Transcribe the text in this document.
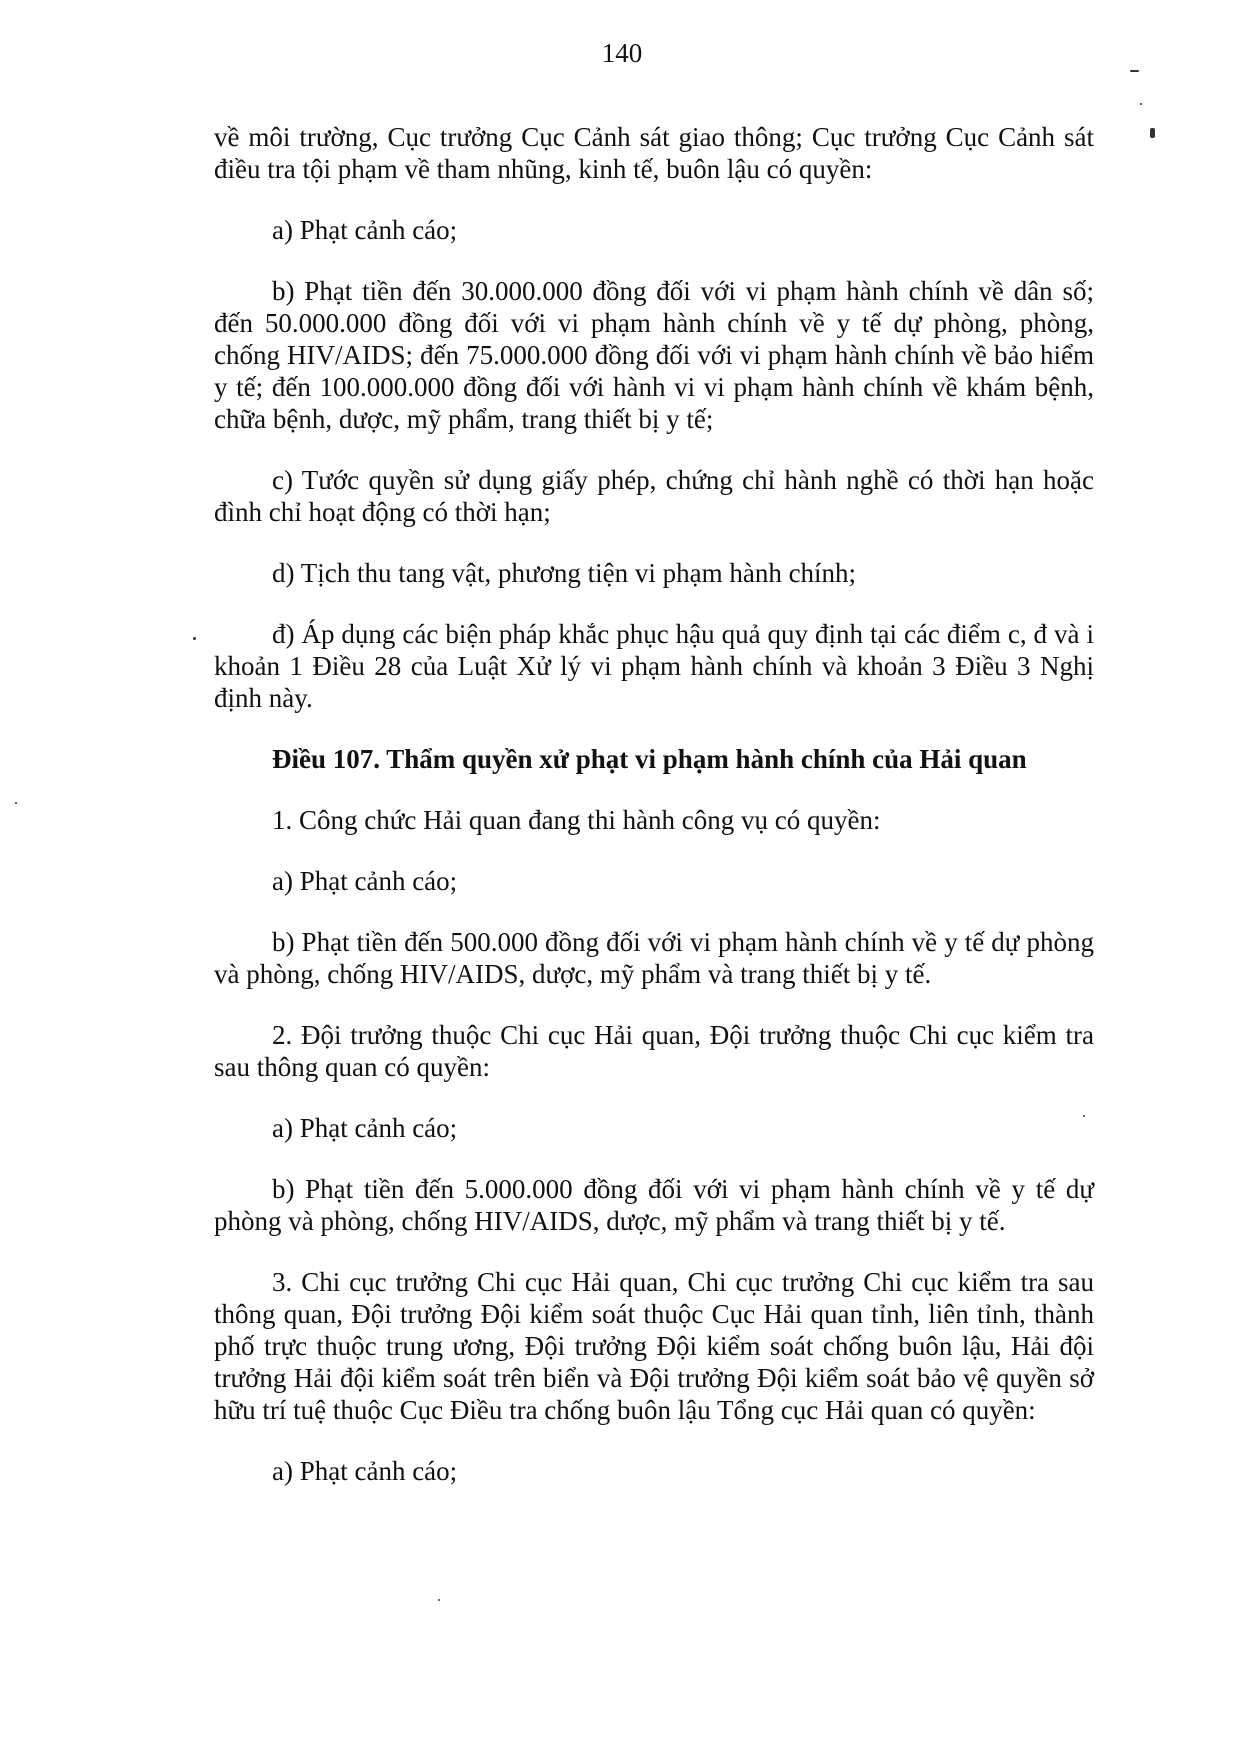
140

về môi trường, Cục trưởng Cục Cảnh sát giao thông; Cục trưởng Cục Cảnh sát điều tra tội phạm về tham nhũng, kinh tế, buôn lậu có quyền:

a) Phạt cảnh cáo;

b) Phạt tiền đến 30.000.000 đồng đối với vi phạm hành chính về dân số; đến 50.000.000 đồng đối với vi phạm hành chính về y tế dự phòng, phòng, chống HIV/AIDS; đến 75.000.000 đồng đối với vi phạm hành chính về bảo hiểm y tế; đến 100.000.000 đồng đối với hành vi vi phạm hành chính về khám bệnh, chữa bệnh, dược, mỹ phẩm, trang thiết bị y tế;

c) Tước quyền sử dụng giấy phép, chứng chỉ hành nghề có thời hạn hoặc đình chỉ hoạt động có thời hạn;

d) Tịch thu tang vật, phương tiện vi phạm hành chính;

đ) Áp dụng các biện pháp khắc phục hậu quả quy định tại các điểm c, đ và i khoản 1 Điều 28 của Luật Xử lý vi phạm hành chính và khoản 3 Điều 3 Nghị định này.

Điều 107. Thẩm quyền xử phạt vi phạm hành chính của Hải quan

1. Công chức Hải quan đang thi hành công vụ có quyền:

a) Phạt cảnh cáo;

b) Phạt tiền đến 500.000 đồng đối với vi phạm hành chính về y tế dự phòng và phòng, chống HIV/AIDS, dược, mỹ phẩm và trang thiết bị y tế.

2. Đội trưởng thuộc Chi cục Hải quan, Đội trưởng thuộc Chi cục kiểm tra sau thông quan có quyền:

a) Phạt cảnh cáo;

b) Phạt tiền đến 5.000.000 đồng đối với vi phạm hành chính về y tế dự phòng và phòng, chống HIV/AIDS, dược, mỹ phẩm và trang thiết bị y tế.

3. Chi cục trưởng Chi cục Hải quan, Chi cục trưởng Chi cục kiểm tra sau thông quan, Đội trưởng Đội kiểm soát thuộc Cục Hải quan tỉnh, liên tỉnh, thành phố trực thuộc trung ương, Đội trưởng Đội kiểm soát chống buôn lậu, Hải đội trưởng Hải đội kiểm soát trên biển và Đội trưởng Đội kiểm soát bảo vệ quyền sở hữu trí tuệ thuộc Cục Điều tra chống buôn lậu Tổng cục Hải quan có quyền:

a) Phạt cảnh cáo;
